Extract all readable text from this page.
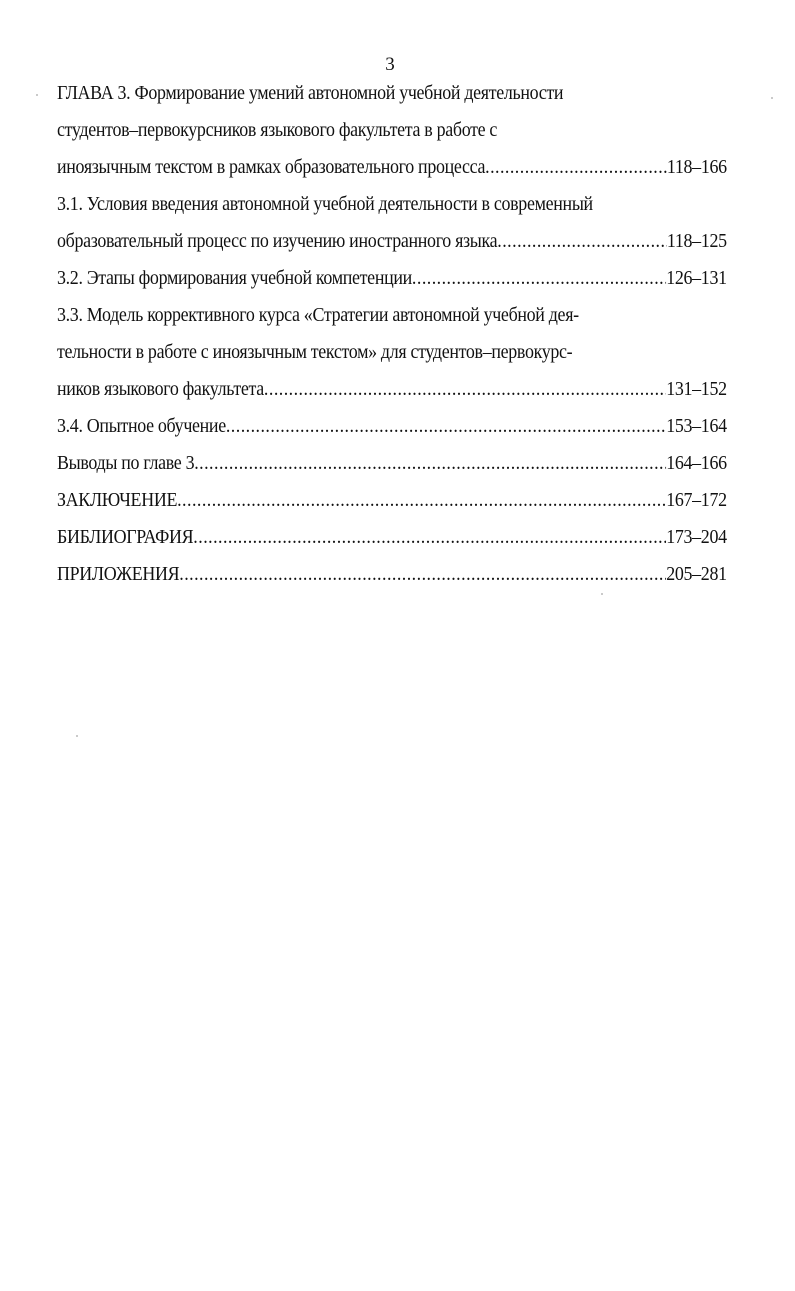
3
ГЛАВА 3. Формирование умений автономной учебной деятельности
студентов–первокурсников языкового факультета в работе с
иноязычным текстом в рамках образовательного процесса .....	118–166
3.1. Условия введения автономной учебной деятельности в современный
образовательный процесс по изучению иностранного языка .....	118–125
3.2. Этапы формирования учебной компетенции .....	126–131
3.3. Модель коррективного курса «Стратегии автономной учебной дея-
тельности в работе с иноязычным текстом» для студентов–первокурс-
ников языкового факультета .....	131–152
3.4. Опытное обучение .....	153–164
Выводы по главе 3 .....	164–166
ЗАКЛЮЧЕНИЕ .....	167–172
БИБЛИОГРАФИЯ .....	173–204
ПРИЛОЖЕНИЯ .....	205–281
